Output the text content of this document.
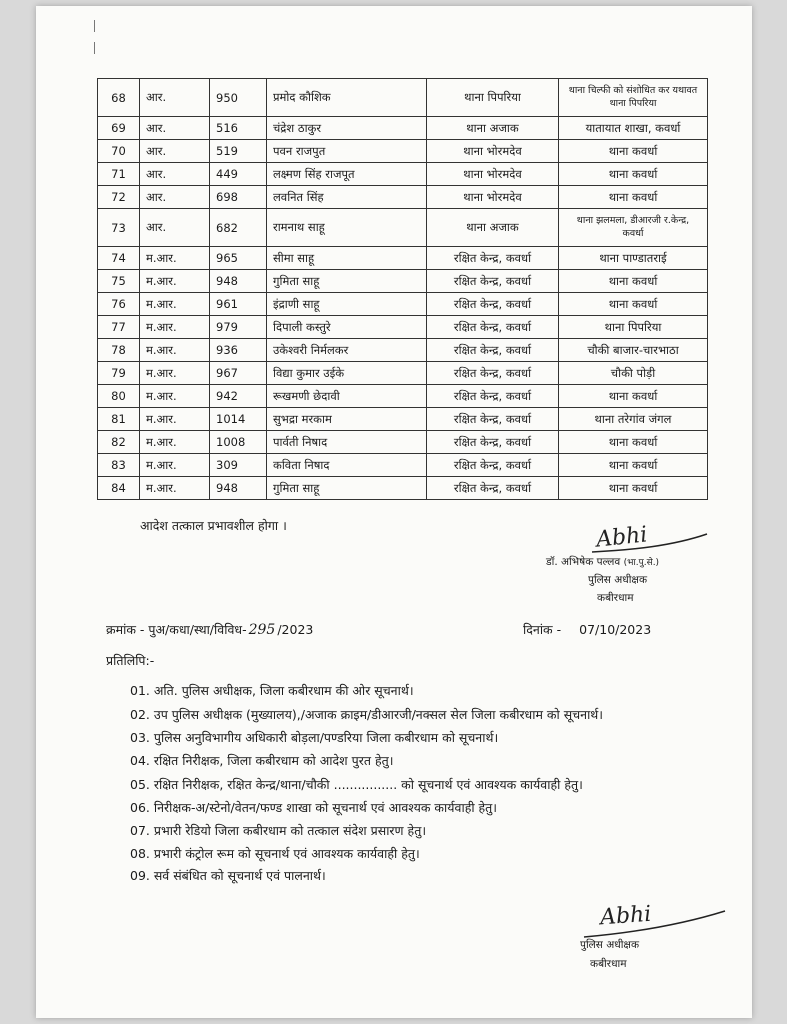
68	आर.	950	प्रमोद कौशिक	थाना पिपरिया	थाना चिल्फी को संशोधित कर यथावत थाना पिपरिया
69	आर.	516	चंद्रेश ठाकुर	थाना अजाक	यातायात शाखा, कवर्धा
70	आर.	519	पवन राजपुत	थाना भोरमदेव	थाना कवर्धा
71	आर.	449	लक्ष्मण सिंह राजपूत	थाना भोरमदेव	थाना कवर्धा
72	आर.	698	लवनित सिंह	थाना भोरमदेव	थाना कवर्धा
73	आर.	682	रामनाथ साहू	थाना अजाक	थाना झलमला, डीआरजी र.केन्द्र, कवर्धा
74	म.आर.	965	सीमा साहू	रक्षित केन्द्र, कवर्धा	थाना पाण्डातराई
75	म.आर.	948	गुमिता साहू	रक्षित केन्द्र, कवर्धा	थाना कवर्धा
76	म.आर.	961	इंद्राणी साहू	रक्षित केन्द्र, कवर्धा	थाना कवर्धा
77	म.आर.	979	दिपाली कस्तुरे	रक्षित केन्द्र, कवर्धा	थाना पिपरिया
78	म.आर.	936	उकेश्वरी निर्मलकर	रक्षित केन्द्र, कवर्धा	चौकी बाजार-चारभाठा
79	म.आर.	967	विद्या कुमार उईके	रक्षित केन्द्र, कवर्धा	चौकी पोड़ी
80	म.आर.	942	रूखमणी छेदावी	रक्षित केन्द्र, कवर्धा	थाना कवर्धा
81	म.आर.	1014	सुभद्रा मरकाम	रक्षित केन्द्र, कवर्धा	थाना तरेगांव जंगल
82	म.आर.	1008	पार्वती निषाद	रक्षित केन्द्र, कवर्धा	थाना कवर्धा
83	म.आर.	309	कविता निषाद	रक्षित केन्द्र, कवर्धा	थाना कवर्धा
84	म.आर.	948	गुमिता साहू	रक्षित केन्द्र, कवर्धा	थाना कवर्धा
आदेश तत्काल प्रभावशील होगा ।	Abhi
डॉ. अभिषेक पल्लव (भा.पु.से.)
पुलिस अधीक्षक
कबीरधाम
क्रमांक - पुअ/कधा/स्था/विविध- 295 /2023	दिनांक - 07/10/2023
प्रतिलिपि:-
01. अति. पुलिस अधीक्षक, जिला कबीरधाम की ओर सूचनार्थ।
02. उप पुलिस अधीक्षक (मुख्यालय),/अजाक क्राइम/डीआरजी/नक्सल सेल जिला कबीरधाम को सूचनार्थ।
03. पुलिस अनुविभागीय अधिकारी बोड़ला/पण्डरिया जिला कबीरधाम को सूचनार्थ।
04. रक्षित निरीक्षक, जिला कबीरधाम को आदेश पुरत हेतु।
05. रक्षित निरीक्षक, रक्षित केन्द्र/थाना/चौकी ................ को सूचनार्थ एवं आवश्यक कार्यवाही हेतु।
06. निरीक्षक-अ/स्टेनो/वेतन/फण्ड शाखा को सूचनार्थ एवं आवश्यक कार्यवाही हेतु।
07. प्रभारी रेडियो जिला कबीरधाम को तत्काल संदेश प्रसारण हेतु।
08. प्रभारी कंट्रोल रूम को सूचनार्थ एवं आवश्यक कार्यवाही हेतु।
09. सर्व संबंधित को सूचनार्थ एवं पालनार्थ।
Abhi
पुलिस अधीक्षक
कबीरधाम
